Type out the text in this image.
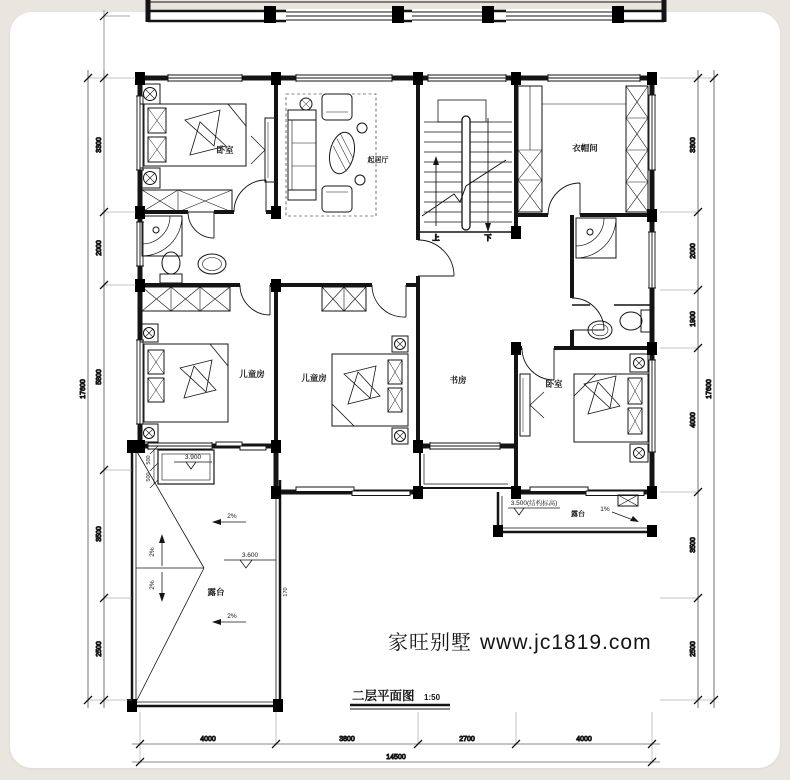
上	下
卧室
起居厅
衣帽间
儿童房	儿童房	书房	卧室
露台
露台
3.600
3.900
3.500(结构标高)
2%
2%
2%
2%
1%
170
500
500
3300
2000
5800
3500
2500
17600
3300
2000
1900
4000
3500
2500
17600
4000	3800	2700	4000
14500
家旺别墅 www.jc1819.com
二层平面图 1:50
